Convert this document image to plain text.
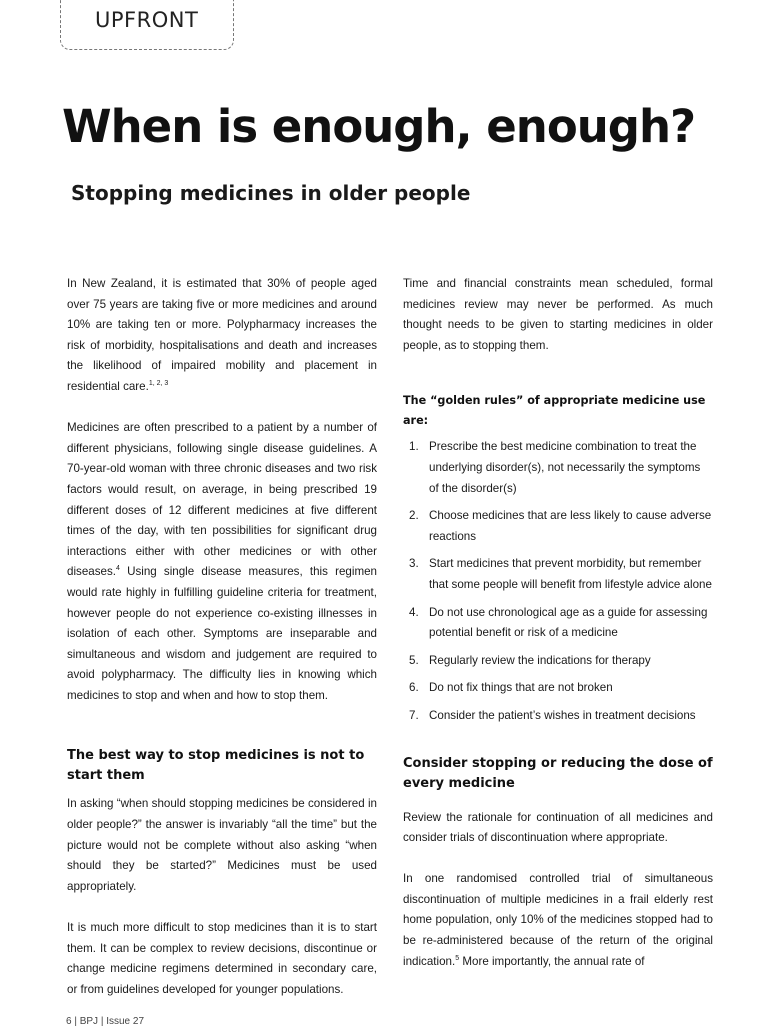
UPFRONT
When is enough, enough?
Stopping medicines in older people

In New Zealand, it is estimated that 30% of people aged over 75 years are taking five or more medicines and around 10% are taking ten or more. Polypharmacy increases the risk of morbidity, hospitalisations and death and increases the likelihood of impaired mobility and placement in residential care.$^{1, 2, 3}$

Medicines are often prescribed to a patient by a number of different physicians, following single disease guidelines. A 70-year-old woman with three chronic diseases and two risk factors would result, on average, in being prescribed 19 different doses of 12 different medicines at five different times of the day, with ten possibilities for significant drug interactions either with other medicines or with other diseases.$^4$ Using single disease measures, this regimen would rate highly in fulfilling guideline criteria for treatment, however people do not experience co-existing illnesses in isolation of each other. Symptoms are inseparable and simultaneous and wisdom and judgement are required to avoid polypharmacy. The difficulty lies in knowing which medicines to stop and when and how to stop them.

The best way to stop medicines is not to start them

In asking “when should stopping medicines be considered in older people?” the answer is invariably “all the time” but the picture would not be complete without also asking “when should they be started?” Medicines must be used appropriately.

It is much more difficult to stop medicines than it is to start them. It can be complex to review decisions, discontinue or change medicine regimens determined in secondary care, or from guidelines developed for younger populations.

Time and financial constraints mean scheduled, formal medicines review may never be performed. As much thought needs to be given to starting medicines in older people, as to stopping them.

The “golden rules” of appropriate medicine use are:
1. Prescribe the best medicine combination to treat the underlying disorder(s), not necessarily the symptoms of the disorder(s)
2. Choose medicines that are less likely to cause adverse reactions
3. Start medicines that prevent morbidity, but remember that some people will benefit from lifestyle advice alone
4. Do not use chronological age as a guide for assessing potential benefit or risk of a medicine
5. Regularly review the indications for therapy
6. Do not fix things that are not broken
7. Consider the patient’s wishes in treatment decisions
Consider stopping or reducing the dose of every medicine

Review the rationale for continuation of all medicines and consider trials of discontinuation where appropriate.

In one randomised controlled trial of simultaneous discontinuation of multiple medicines in a frail elderly rest home population, only 10% of the medicines stopped had to be re-administered because of the return of the original indication.$^5$ More importantly, the annual rate of

6 | BPJ | Issue 27
